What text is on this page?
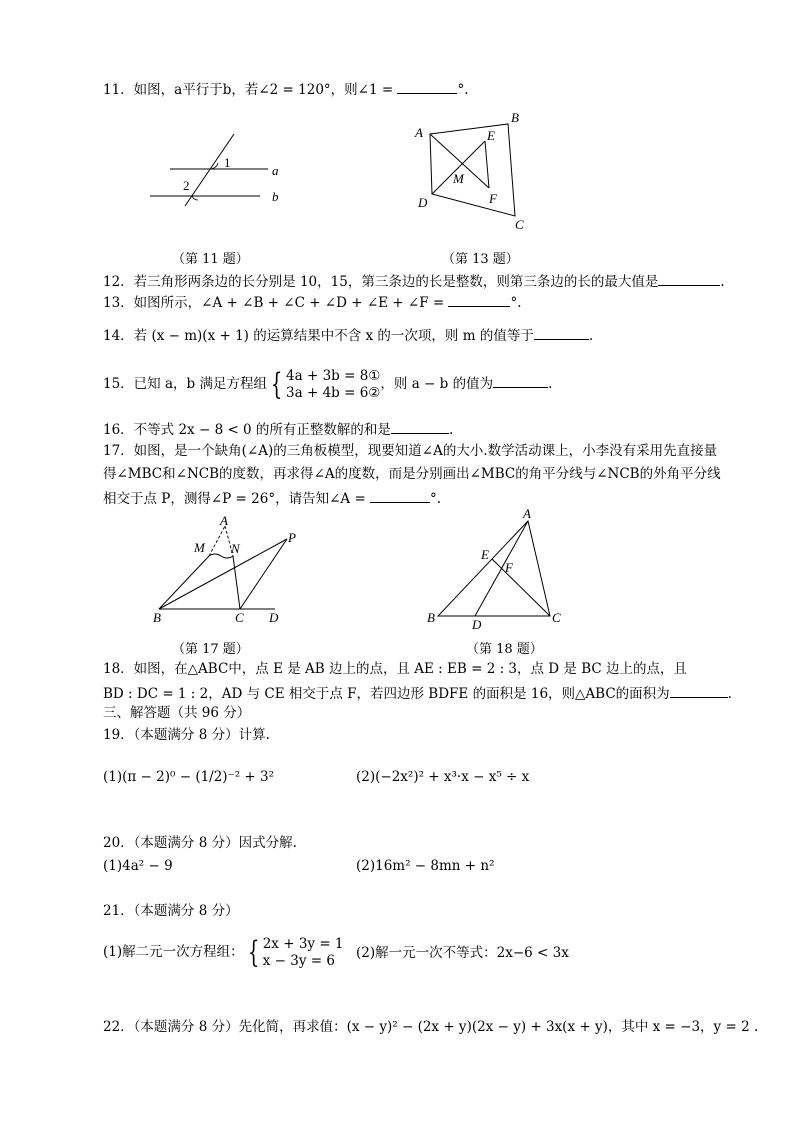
11．如图，a平行于b，若∠2 = 120°，则∠1 =	°.
1
2
a
b
（第 11 题）
A
B
C
D
E
F
M
（第 13 题）
12．若三角形两条边的长分别是 10，15，第三条边的长是整数，则第三条边的长的最大值是	.
13．如图所示，∠A + ∠B + ∠C + ∠D + ∠E + ∠F =	°.
14．若 (x − m)(x + 1) 的运算结果中不含 x 的一次项，则 m 的值等于	.
15．已知 a，b 满足方程组 { 4a + 3b = 8①
3a + 4b = 6②
，则 a − b 的值为	.
16．不等式 2x − 8 < 0 的所有正整数解的和是	.
17．如图，是一个缺角(∠A)的三角板模型，现要知道∠A的大小.数学活动课上，小李没有采用先直接量
得∠MBC和∠NCB的度数，再求得∠A的度数，而是分别画出∠MBC的角平分线与∠NCB的外角平分线
相交于点 P，测得∠P = 26°，请告知∠A =	°.
A
M N
P
B	C D
（第 17 题）
A
B	C
D
E
F
（第 18 题）
18．如图，在△ABC中，点 E 是 AB 边上的点，且 AE : EB = 2 : 3，点 D 是 BC 边上的点，且
BD : DC = 1 : 2，AD 与 CE 相交于点 F，若四边形 BDFE 的面积是 16，则△ABC的面积为	.
三、解答题（共 96 分）
19．（本题满分 8 分）计算.
(1)(π − 2)⁰ − (1/2)⁻² + 3²	(2)(−2x²)² + x³·x − x⁵ ÷ x
20．（本题满分 8 分）因式分解.
(1)4a² − 9	(2)16m² − 8mn + n²
21．（本题满分 8 分）
(1)解二元一次方程组： { 2x + 3y = 1
x − 3y = 6	(2)解一元一次不等式：2x−6 < 3x
22．（本题满分 8 分）先化简，再求值：(x − y)² − (2x + y)(2x − y) + 3x(x + y)，其中 x = −3，y = 2 .
